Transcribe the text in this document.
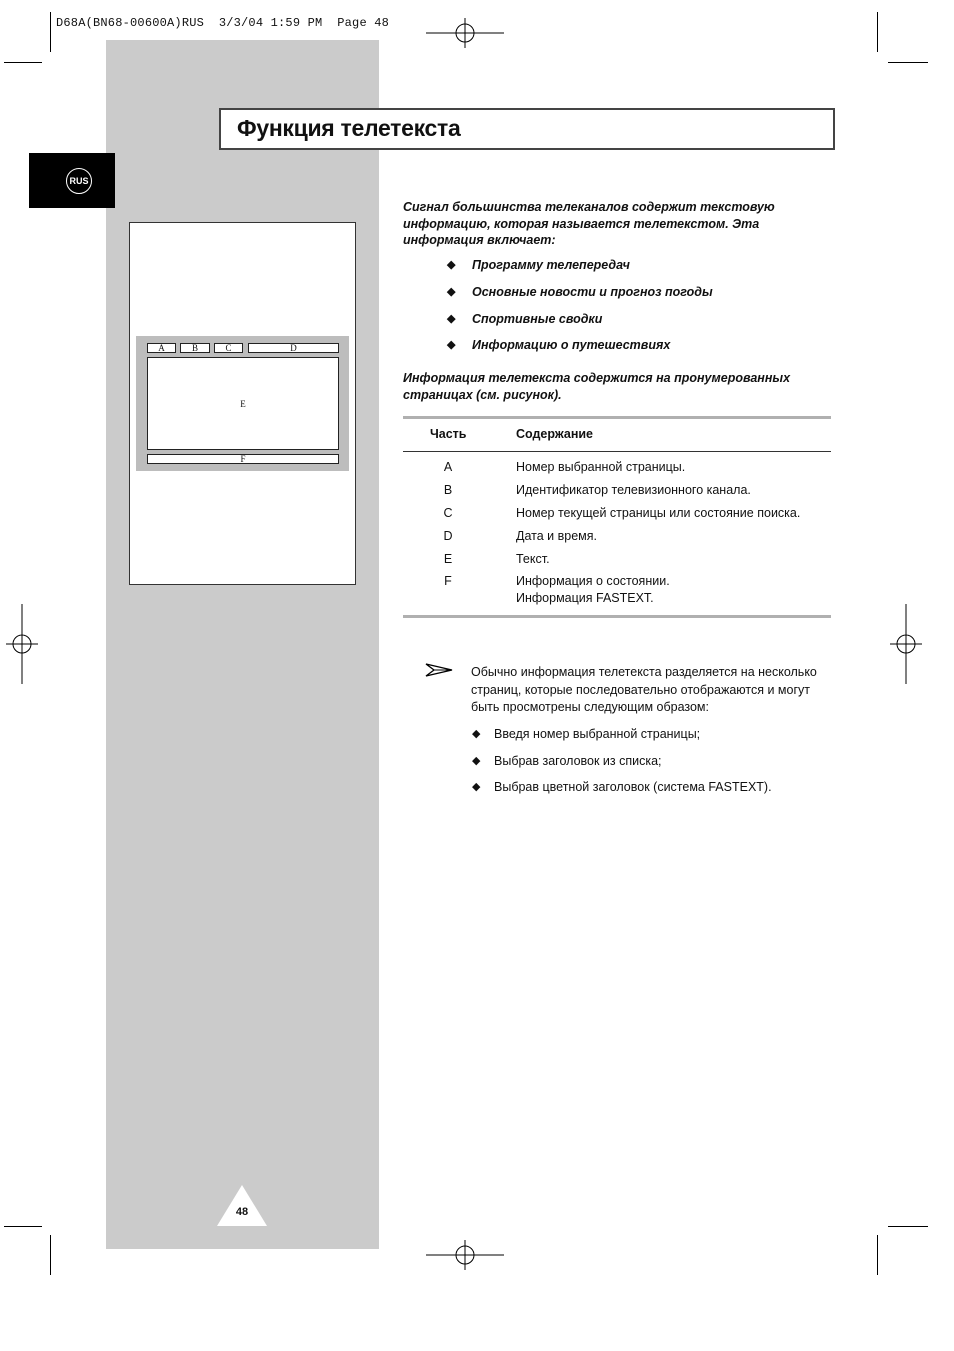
D68A(BN68-00600A)RUS  3/3/04 1:59 PM  Page 48
Функция телетекста
RUS
A	B	C	D
E
F
Сигнал большинства телеканалов содержит текстовую информацию, которая называется телетекстом. Эта информация включает:
◆ Программу телепередач
◆ Основные новости и прогноз погоды
◆ Спортивные сводки
◆ Информацию о путешествиях
Информация телетекста содержится на пронумерованных страницах (см. рисунок).
Часть	Содержание
A	Номер выбранной страницы.
B	Идентификатор телевизионного канала.
C	Номер текущей страницы или состояние поиска.
D	Дата и время.
E	Текст.
F	Информация о состоянии.
Информация FASTEXT.
Обычно информация телетекста разделяется на несколько страниц, которые последовательно отображаются и могут быть просмотрены следующим образом:
◆ Введя номер выбранной страницы;
◆ Выбрав заголовок из списка;
◆ Выбрав цветной заголовок (система FASTEXT).
48
